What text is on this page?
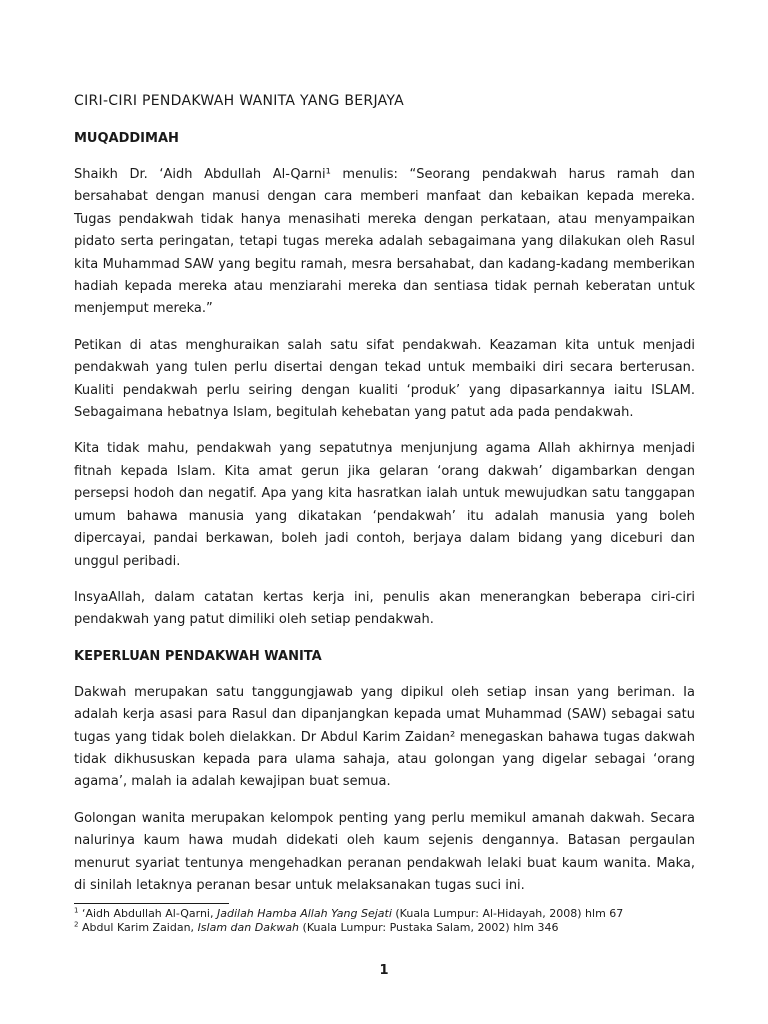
CIRI-CIRI PENDAKWAH WANITA YANG BERJAYA
MUQADDIMAH

Shaikh Dr. ‘Aidh Abdullah Al-Qarni¹ menulis: “Seorang pendakwah harus ramah dan bersahabat dengan manusi dengan cara memberi manfaat dan kebaikan kepada mereka. Tugas pendakwah tidak hanya menasihati mereka dengan perkataan, atau menyampaikan pidato serta peringatan, tetapi tugas mereka adalah sebagaimana yang dilakukan oleh Rasul kita Muhammad SAW yang begitu ramah, mesra bersahabat, dan kadang-kadang memberikan hadiah kepada mereka atau menziarahi mereka dan sentiasa tidak pernah keberatan untuk menjemput mereka.”

Petikan di atas menghuraikan salah satu sifat pendakwah. Keazaman kita untuk menjadi pendakwah yang tulen perlu disertai dengan tekad untuk membaiki diri secara berterusan. Kualiti pendakwah perlu seiring dengan kualiti ‘produk’ yang dipasarkannya iaitu ISLAM. Sebagaimana hebatnya Islam, begitulah kehebatan yang patut ada pada pendakwah.

Kita tidak mahu, pendakwah yang sepatutnya menjunjung agama Allah akhirnya menjadi fitnah kepada Islam. Kita amat gerun jika gelaran ‘orang dakwah’ digambarkan dengan persepsi hodoh dan negatif. Apa yang kita hasratkan ialah untuk mewujudkan satu tanggapan umum bahawa manusia yang dikatakan ‘pendakwah’ itu adalah manusia yang boleh dipercayai, pandai berkawan, boleh jadi contoh, berjaya dalam bidang yang diceburi dan unggul peribadi.

InsyaAllah, dalam catatan kertas kerja ini, penulis akan menerangkan beberapa ciri-ciri pendakwah yang patut dimiliki oleh setiap pendakwah.

KEPERLUAN PENDAKWAH WANITA

Dakwah merupakan satu tanggungjawab yang dipikul oleh setiap insan yang beriman. Ia adalah kerja asasi para Rasul dan dipanjangkan kepada umat Muhammad (SAW) sebagai satu tugas yang tidak boleh dielakkan. Dr Abdul Karim Zaidan² menegaskan bahawa tugas dakwah tidak dikhususkan kepada para ulama sahaja, atau golongan yang digelar sebagai ‘orang agama’, malah ia adalah kewajipan buat semua.

Golongan wanita merupakan kelompok penting yang perlu memikul amanah dakwah. Secara nalurinya kaum hawa mudah didekati oleh kaum sejenis dengannya. Batasan pergaulan menurut syariat tentunya mengehadkan peranan pendakwah lelaki buat kaum wanita. Maka, di sinilah letaknya peranan besar untuk melaksanakan tugas suci ini.

$^1$ ‘Aidh Abdullah Al-Qarni, Jadilah Hamba Allah Yang Sejati (Kuala Lumpur: Al-Hidayah, 2008) hlm 67
$^2$ Abdul Karim Zaidan, Islam dan Dakwah (Kuala Lumpur: Pustaka Salam, 2002) hlm 346
1
